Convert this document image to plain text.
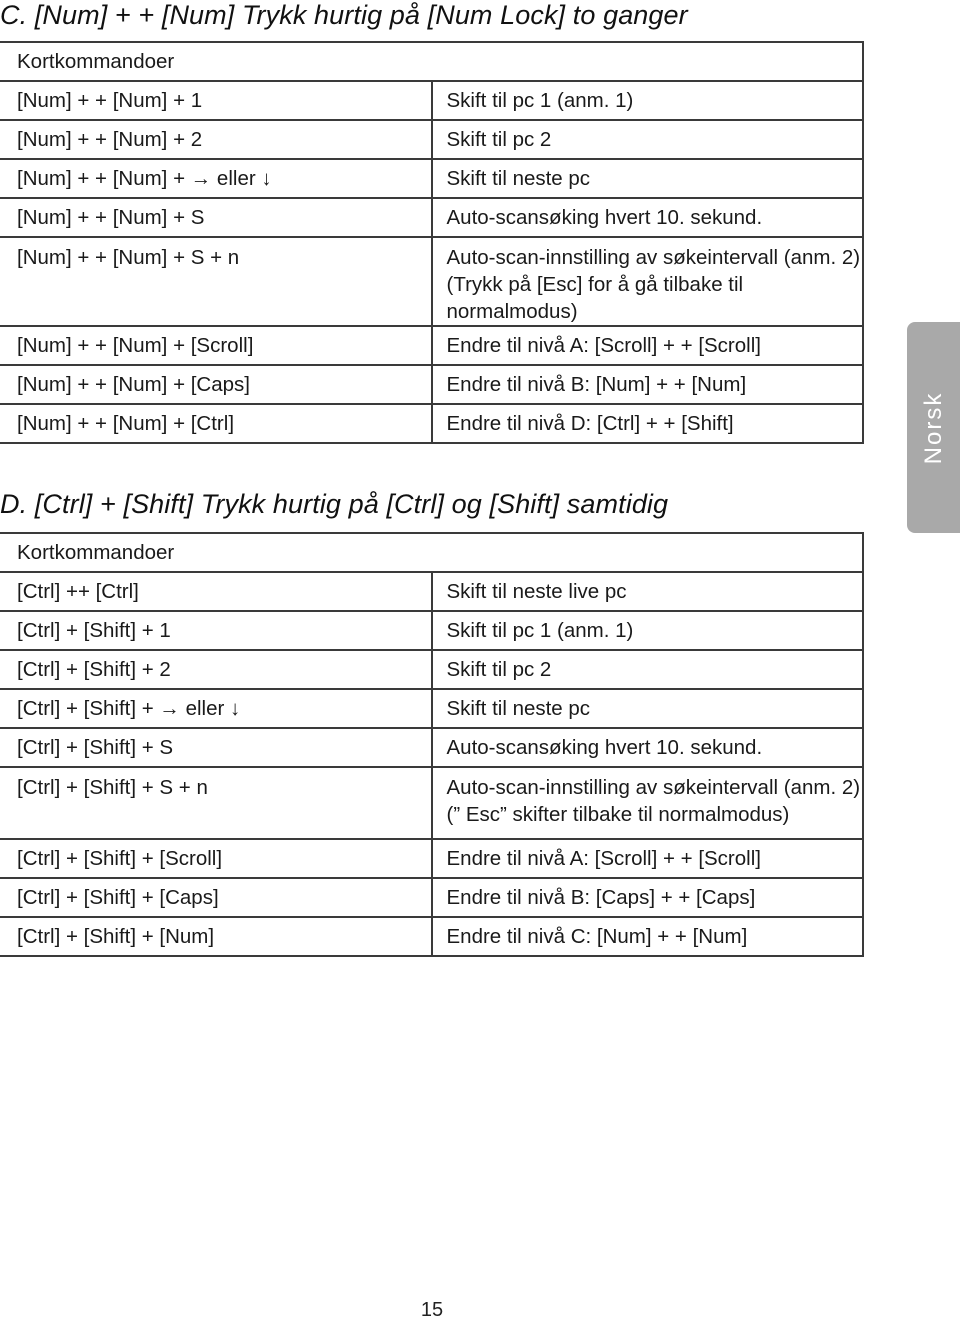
C. [Num] + + [Num] Trykk hurtig på [Num Lock] to ganger
Kortkommandoer	
[Num] + + [Num] + 1	Skift til pc 1 (anm. 1)
[Num] + + [Num] + 2	Skift til pc 2
[Num] + + [Num] + → eller ↓	Skift til neste pc
[Num] + + [Num] + S	Auto-scansøking hvert 10. sekund.
[Num] + + [Num] + S + n	Auto-scan-innstilling av søkeintervall (anm. 2)
(Trykk på [Esc] for å gå tilbake til normalmodus)

[Num] + + [Num] + [Scroll]	Endre til nivå A: [Scroll] + + [Scroll]
[Num] + + [Num] + [Caps]	Endre til nivå B: [Num] + + [Num]
[Num] + + [Num] + [Ctrl]	Endre til nivå D: [Ctrl] + + [Shift]
D. [Ctrl] + [Shift] Trykk hurtig på [Ctrl] og [Shift] samtidig
Kortkommandoer	
[Ctrl] ++ [Ctrl]	Skift til neste live pc
[Ctrl] + [Shift] + 1	Skift til pc 1 (anm. 1)
[Ctrl] + [Shift] + 2	Skift til pc 2
[Ctrl] + [Shift] + → eller ↓	Skift til neste pc
[Ctrl] + [Shift] + S	Auto-scansøking hvert 10. sekund.
[Ctrl] + [Shift] + S + n	Auto-scan-innstilling av søkeintervall (anm. 2)
(” Esc” skifter tilbake til normalmodus)

[Ctrl] + [Shift] + [Scroll]	Endre til nivå A: [Scroll] + + [Scroll]
[Ctrl] + [Shift] + [Caps]	Endre til nivå B: [Caps] + + [Caps]
[Ctrl] + [Shift] + [Num]	Endre til nivå C: [Num] + + [Num]
Norsk
15
